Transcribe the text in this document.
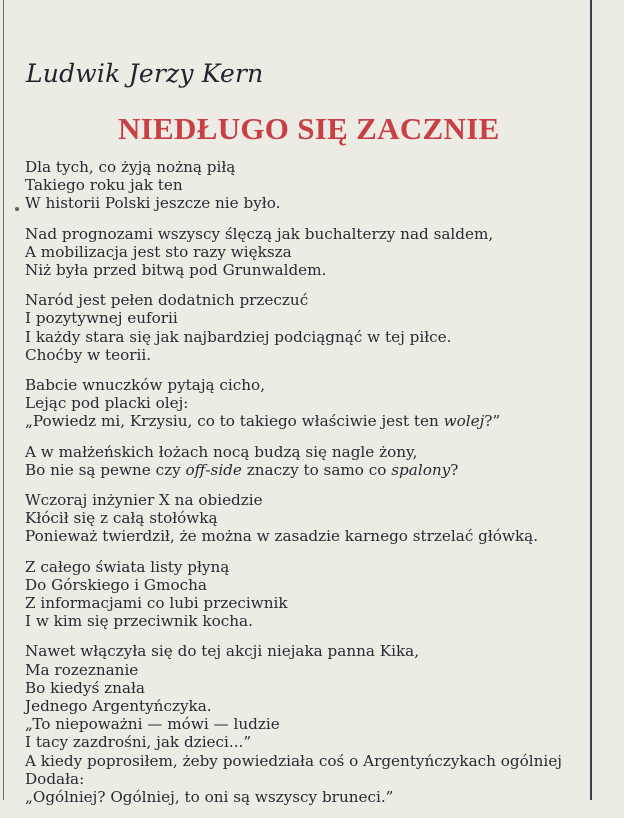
Ludwik Jerzy Kern
NIEDŁUGO SIĘ ZACZNIE
Dla tych, co żyją nożną piłą
Takiego roku jak ten
W historii Polski jeszcze nie było.
Nad prognozami wszyscy ślęczą jak buchalterzy nad saldem,
A mobilizacja jest sto razy większa
Niż była przed bitwą pod Grunwaldem.
Naród jest pełen dodatnich przeczuć
I pozytywnej euforii
I każdy stara się jak najbardziej podciągnąć w tej piłce.
Choćby w teorii.
Babcie wnuczków pytają cicho,
Lejąc pod placki olej:
„Powiedz mi, Krzysiu, co to takiego właściwie jest ten wolej?”
A w małżeńskich łożach nocą budzą się nagle żony,
Bo nie są pewne czy off-side znaczy to samo co spalony?
Wczoraj inżynier X na obiedzie
Kłócił się z całą stołówką
Ponieważ twierdził, że można w zasadzie karnego strzelać główką.
Z całego świata listy płyną
Do Górskiego i Gmocha
Z informacjami co lubi przeciwnik
I w kim się przeciwnik kocha.
Nawet włączyła się do tej akcji niejaka panna Kika,
Ma rozeznanie
Bo kiedyś znała
Jednego Argentyńczyka.
„To niepoważni — mówi — ludzie
I tacy zazdrośni, jak dzieci...”
A kiedy poprosiłem, żeby powiedziała coś o Argentyńczykach ogólniej
Dodała:
„Ogólniej? Ogólniej, to oni są wszyscy bruneci.”
